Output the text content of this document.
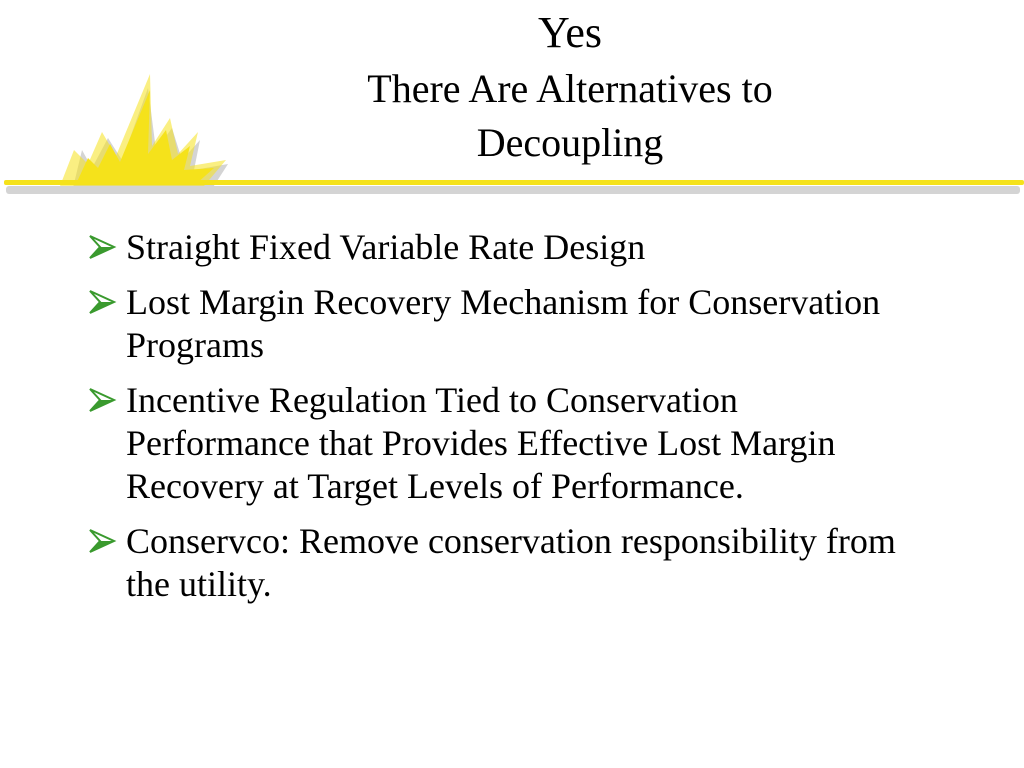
Yes
There Are Alternatives to Decoupling
Straight Fixed Variable Rate Design
Lost Margin Recovery Mechanism for Conservation Programs
Incentive Regulation Tied to Conservation Performance that Provides Effective Lost Margin Recovery at Target Levels of Performance.
Conservco: Remove conservation responsibility from the utility.
